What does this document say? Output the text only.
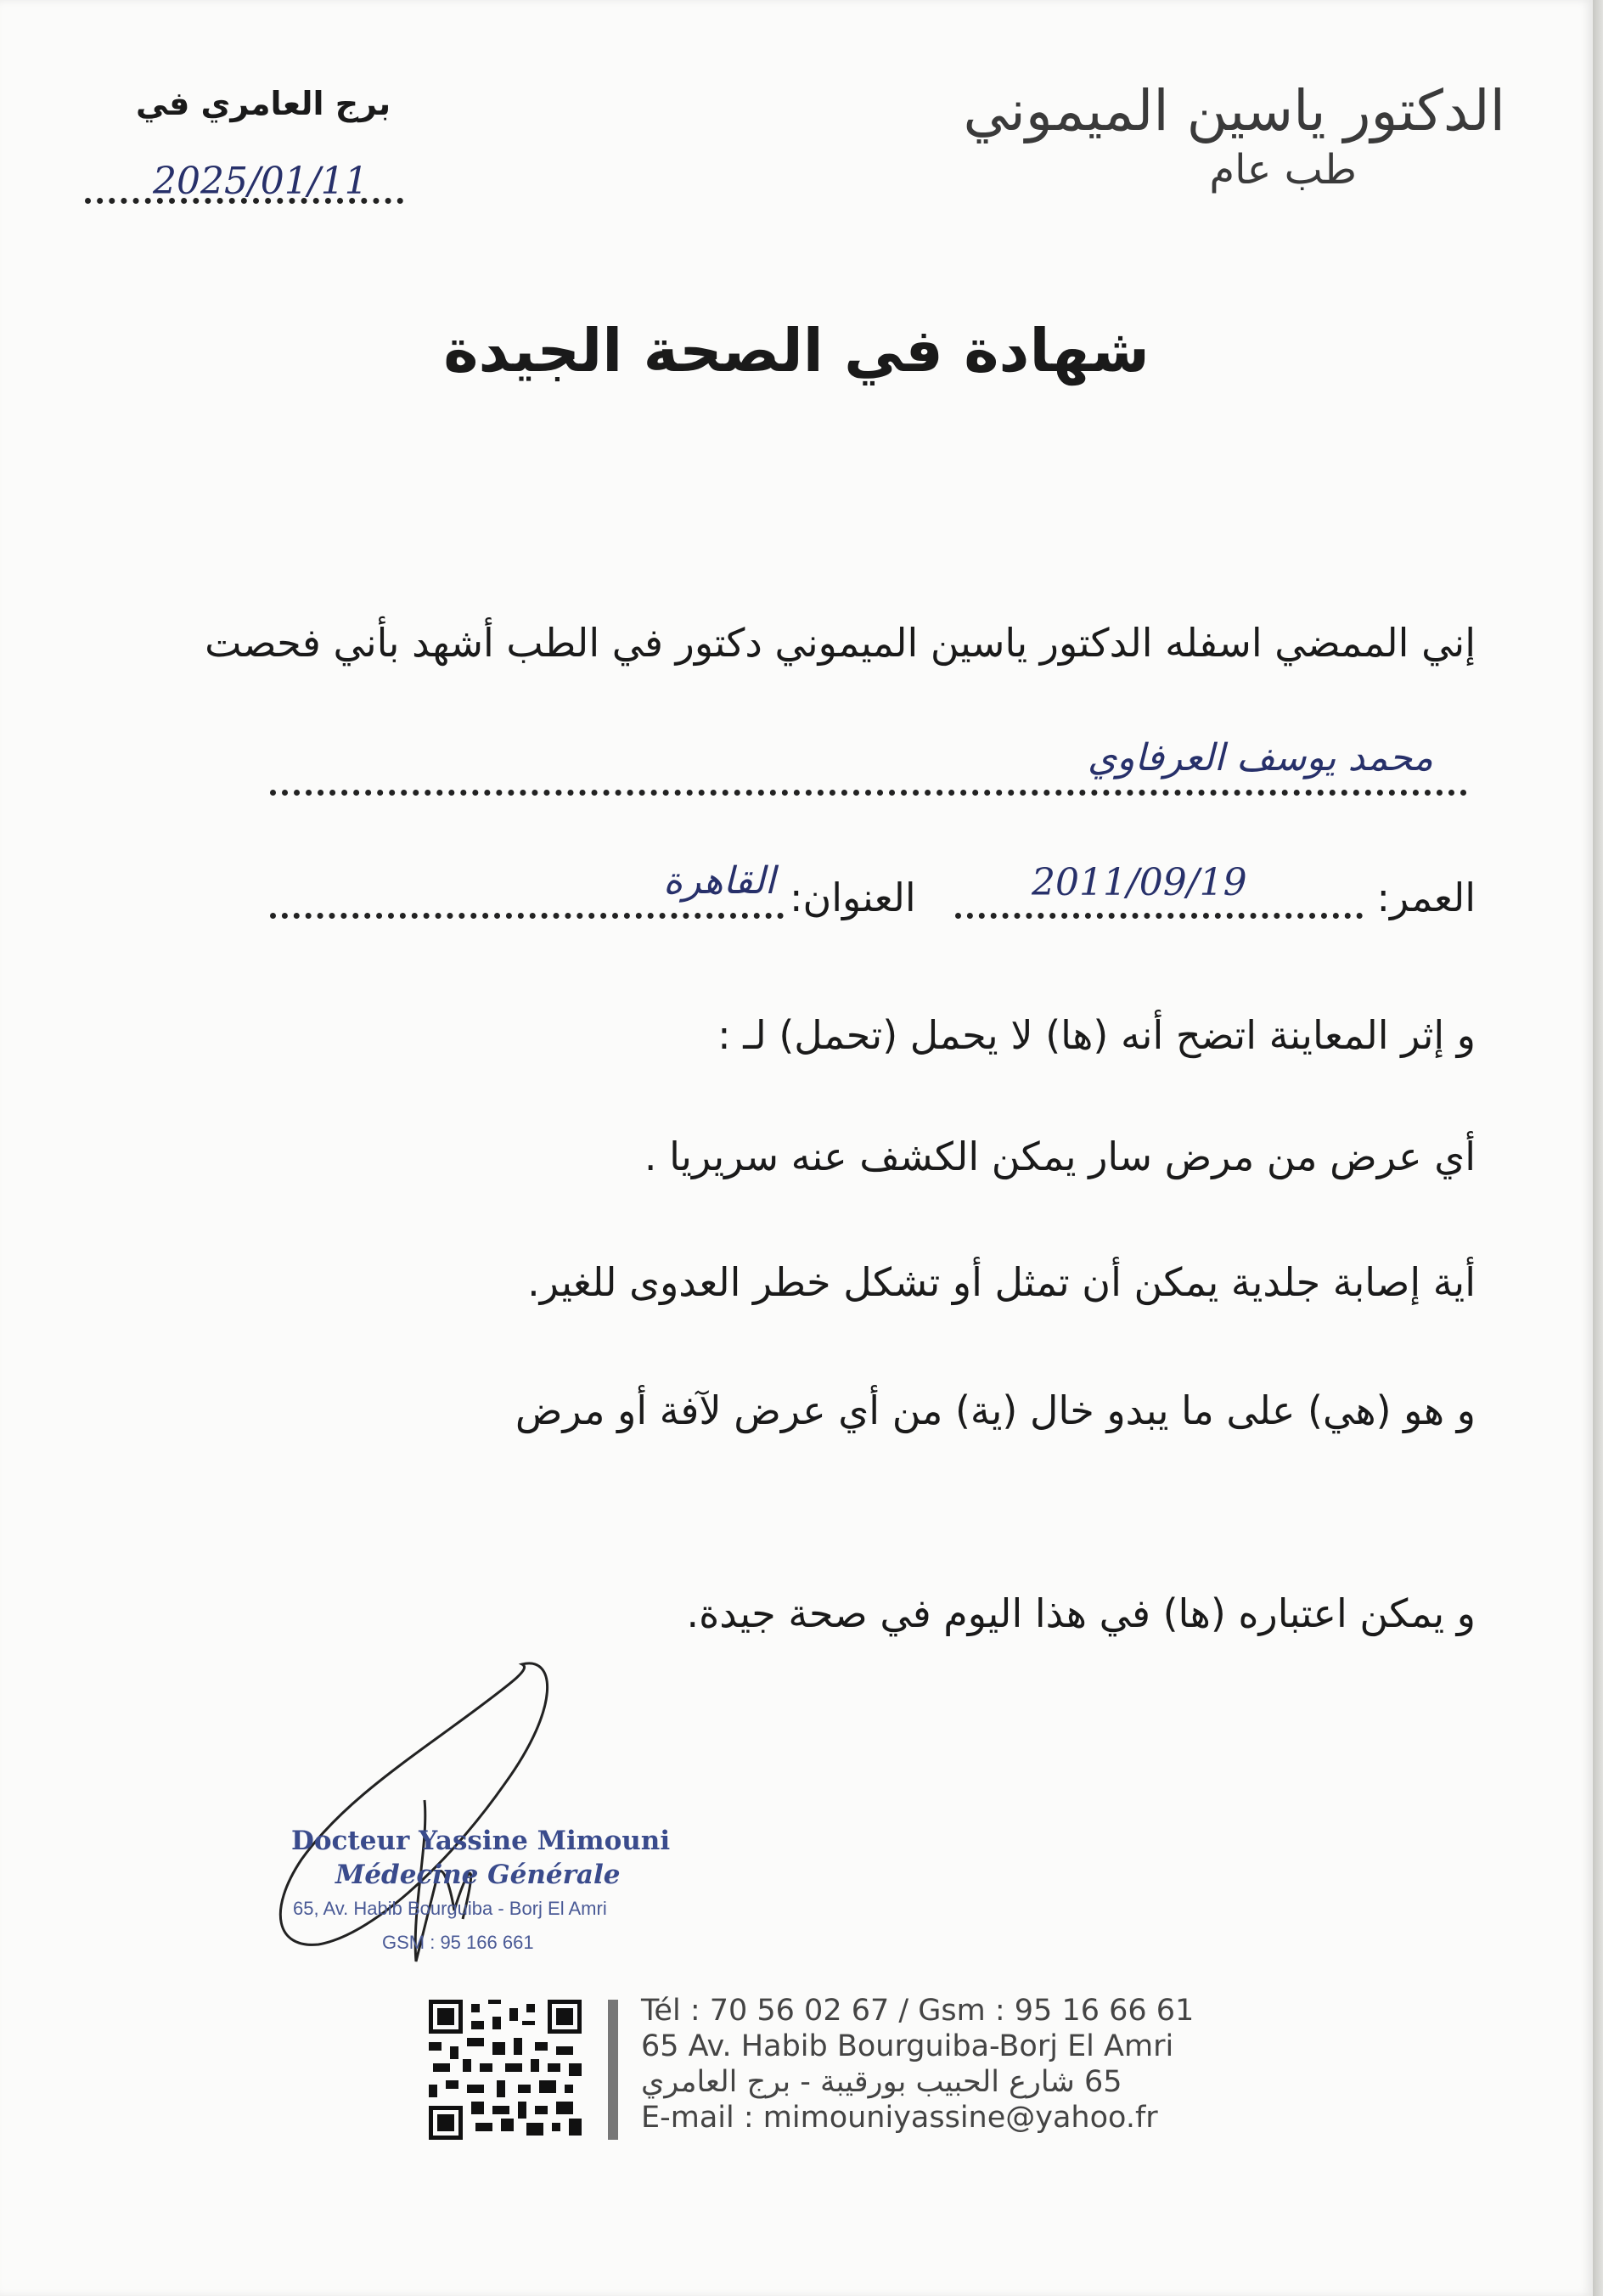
الدكتور ياسين الميموني
طب عام
برج العامري في
2025/01/11
شهادة في الصحة الجيدة
إني الممضي اسفله الدكتور ياسين الميموني دكتور في الطب أشهد بأني فحصت
محمد يوسف العرفاوي
العمر:
2011/09/19
العنوان:
القاهرة
و إثر المعاينة اتضح أنه (ها) لا يحمل (تحمل) لـ :
أي عرض من مرض سار يمكن الكشف عنه سريريا .
أية إصابة جلدية يمكن أن تمثل أو تشكل خطر العدوى للغير.
و هو (هي) على ما يبدو خال (ية) من أي عرض لآفة أو مرض
و يمكن اعتباره (ها) في هذا اليوم في صحة جيدة.
Docteur Yassine Mimouni
Médecine Générale
65, Av. Habib Bourguiba - Borj El Amri
GSM : 95 166 661
Tél : 70 56 02 67 / Gsm : 95 16 66 61
65 Av. Habib Bourguiba-Borj El Amri
65 شارع الحبيب بورقيبة - برج العامري
E-mail : mimouniyassine@yahoo.fr
